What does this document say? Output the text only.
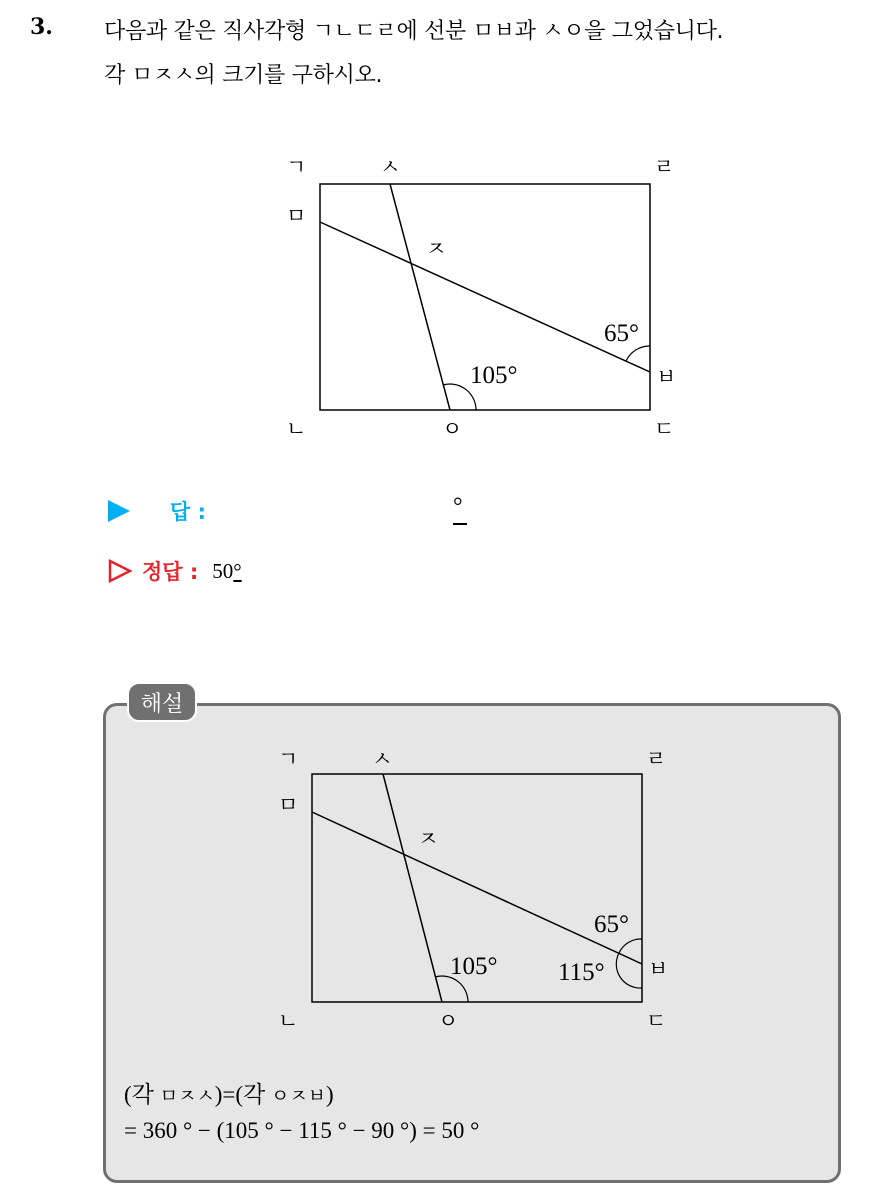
3. 다음과 같은 직사각형 ㄱㄴㄷㄹ에 선분 ㅁㅂ과 ㅅㅇ을 그었습니다.
각 ㅁㅈㅅ의 크기를 구하시오.
ㄱ	ㅅ	ㄹ
ㅁ
ㅈ
ㅂ
ㄴ	ㅇ	ㄷ
65°
105°
답 :	°
정답 : 50°
해설
ㄱ	ㅅ	ㄹ
ㅁ
ㅈ
ㅂ
ㄴ	ㅇ	ㄷ
65°
105° 115°
(각 ㅁㅈㅅ)=(각 ㅇㅈㅂ)
= 360 ° − (105 ° − 115 ° − 90 °) = 50 °
